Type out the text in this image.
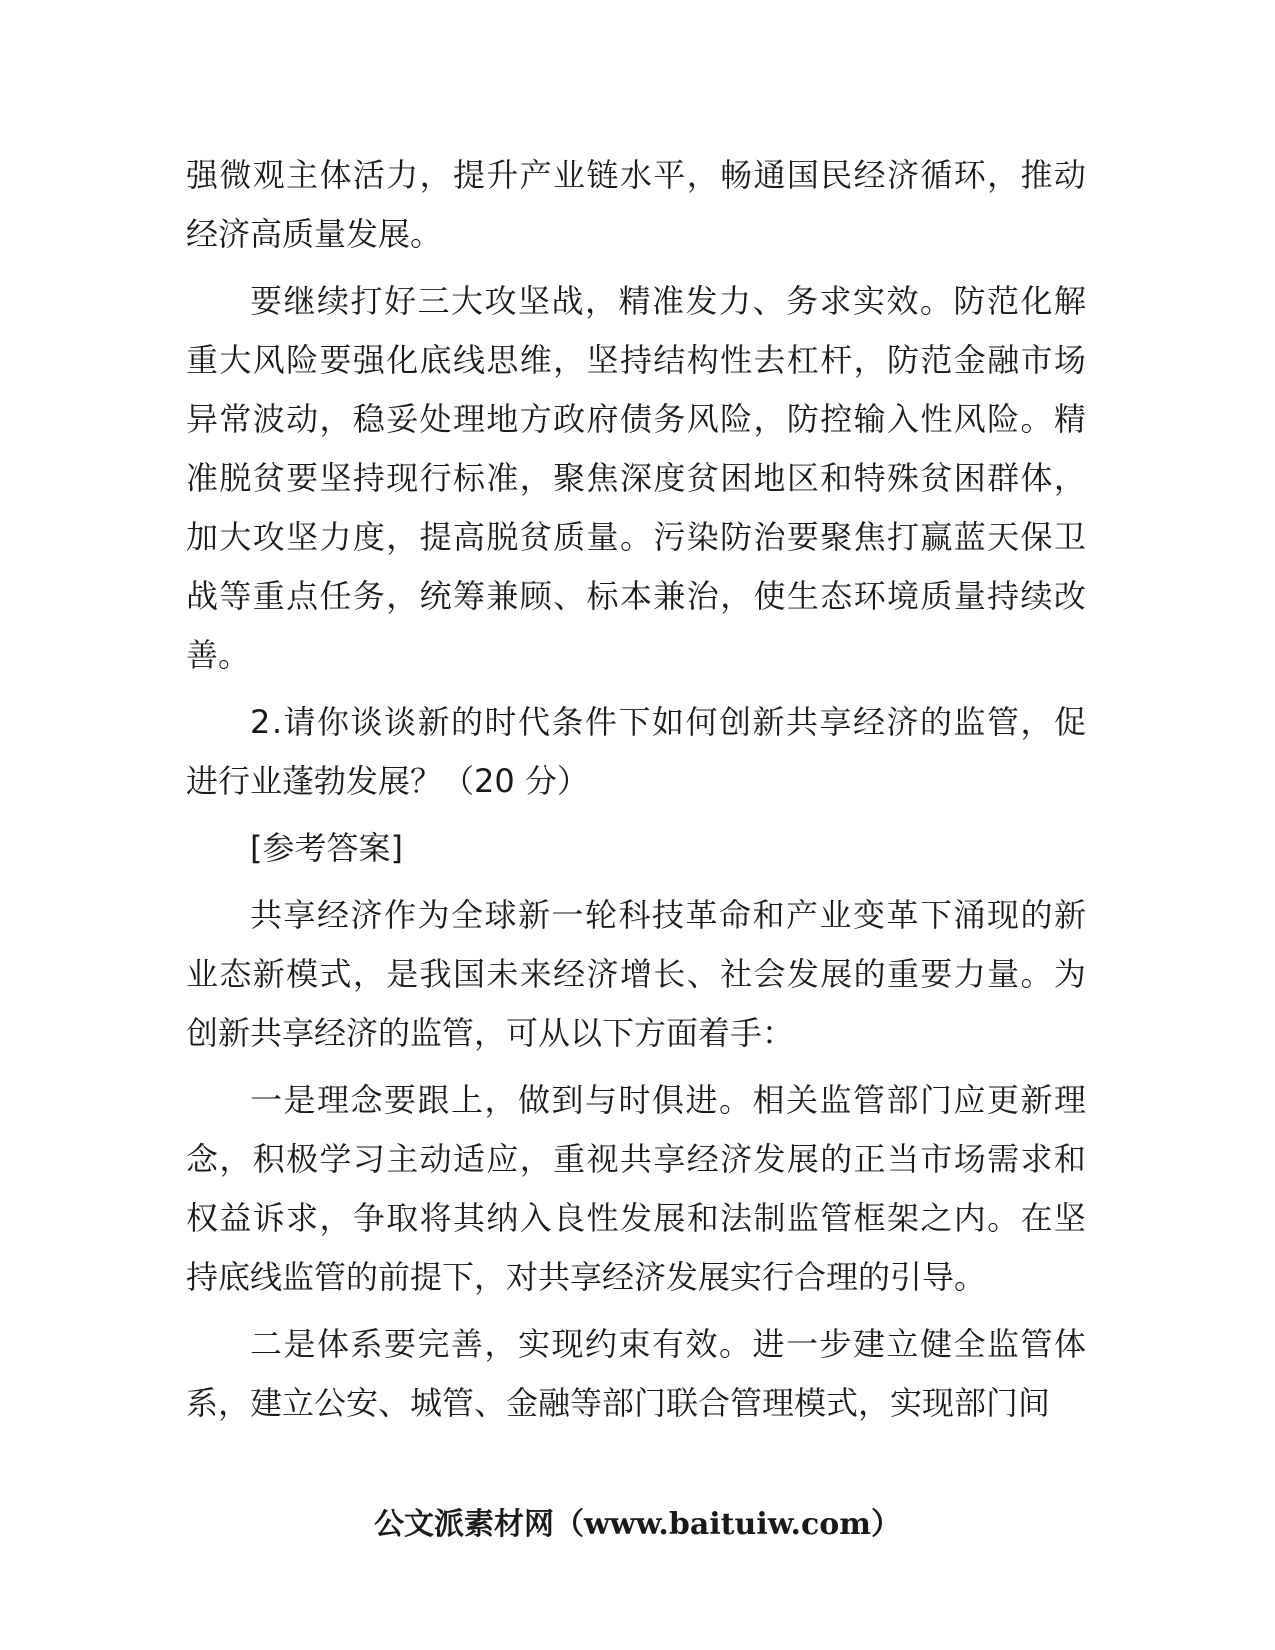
强微观主体活力，提升产业链水平，畅通国民经济循环，推动
经济高质量发展。
要继续打好三大攻坚战，精准发力、务求实效。防范化解
重大风险要强化底线思维，坚持结构性去杠杆，防范金融市场
异常波动，稳妥处理地方政府债务风险，防控输入性风险。精
准脱贫要坚持现行标准，聚焦深度贫困地区和特殊贫困群体，
加大攻坚力度，提高脱贫质量。污染防治要聚焦打赢蓝天保卫
战等重点任务，统筹兼顾、标本兼治，使生态环境质量持续改
善。
2.请你谈谈新的时代条件下如何创新共享经济的监管，促
进行业蓬勃发展？（20 分）
[参考答案]
共享经济作为全球新一轮科技革命和产业变革下涌现的新
业态新模式，是我国未来经济增长、社会发展的重要力量。为
创新共享经济的监管，可从以下方面着手：
一是理念要跟上，做到与时俱进。相关监管部门应更新理
念，积极学习主动适应，重视共享经济发展的正当市场需求和
权益诉求，争取将其纳入良性发展和法制监管框架之内。在坚
持底线监管的前提下，对共享经济发展实行合理的引导。
二是体系要完善，实现约束有效。进一步建立健全监管体
系，建立公安、城管、金融等部门联合管理模式，实现部门间
公文派素材网（www.baituiw.com）
